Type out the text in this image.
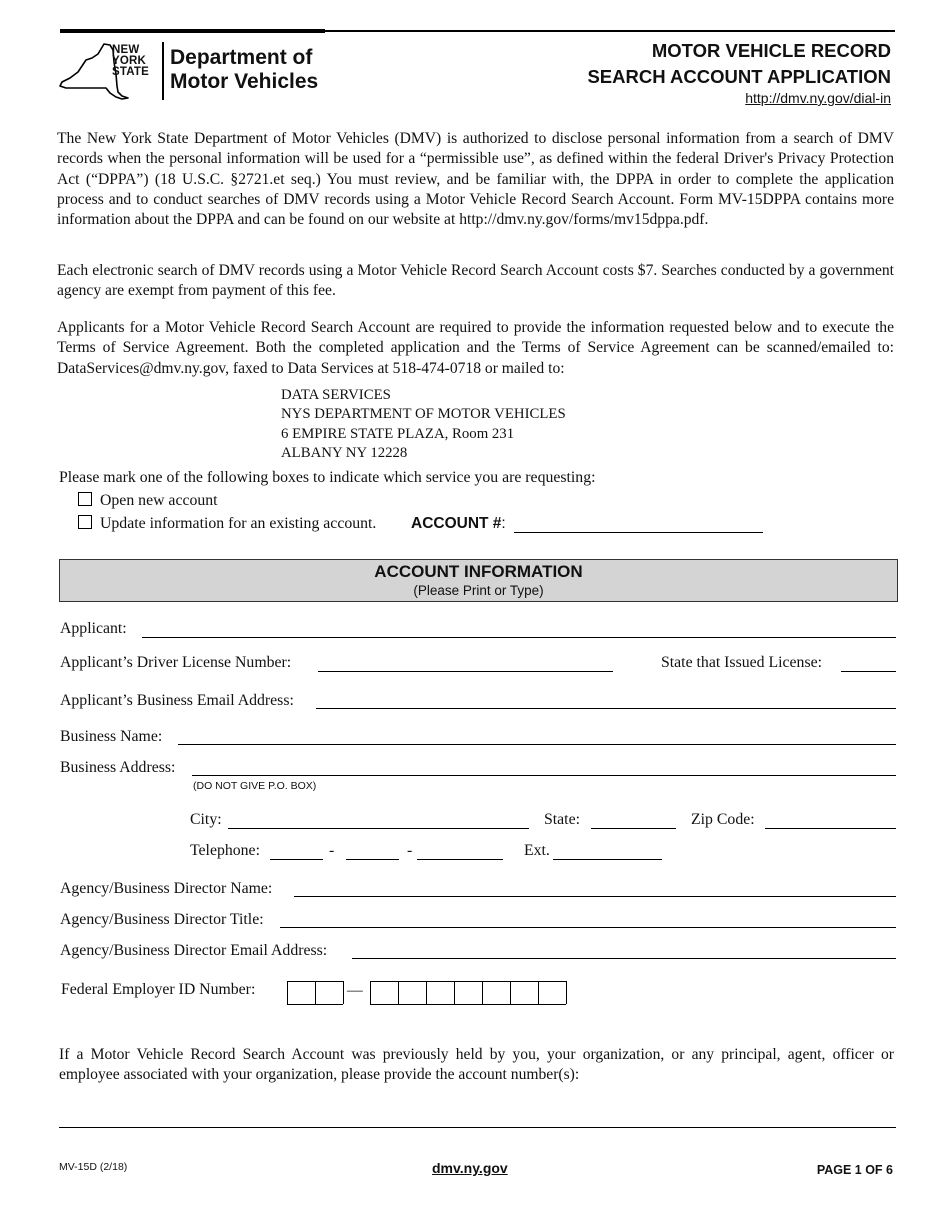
NEW
YORK
STATE
Department of
Motor Vehicles
MOTOR VEHICLE RECORD
SEARCH ACCOUNT APPLICATION
http://dmv.ny.gov/dial-in

The New York State Department of Motor Vehicles (DMV) is authorized to disclose personal information from a search of DMV records when the personal information will be used for a “permissible use”, as defined within the federal Driver's Privacy Protection Act (“DPPA”) (18 U.S.C. §2721.et seq.) You must review, and be familiar with, the DPPA in order to complete the application process and to conduct searches of DMV records using a Motor Vehicle Record Search Account. Form MV-15DPPA contains more information about the DPPA and can be found on our website at http://dmv.ny.gov/forms/mv15dppa.pdf.

Each electronic search of DMV records using a Motor Vehicle Record Search Account costs $7. Searches conducted by a government agency are exempt from payment of this fee.

Applicants for a Motor Vehicle Record Search Account are required to provide the information requested below and to execute the Terms of Service Agreement. Both the completed application and the Terms of Service Agreement can be scanned/emailed to: DataServices@dmv.ny.gov, faxed to Data Services at 518-474-0718 or mailed to:

DATA SERVICES
NYS DEPARTMENT OF MOTOR VEHICLES
6 EMPIRE STATE PLAZA, Room 231
ALBANY NY 12228
Please mark one of the following boxes to indicate which service you are requesting:
Open new account
Update information for an existing account. ACCOUNT #:
ACCOUNT INFORMATION
(Please Print or Type)
Applicant:
Applicant’s Driver License Number:	State that Issued License:
Applicant’s Business Email Address:
Business Name:
Business Address:
(DO NOT GIVE P.O. BOX)
City:	State:	Zip Code:
Telephone:	-	-	Ext.
Agency/Business Director Name:
Agency/Business Director Title:
Agency/Business Director Email Address:
Federal Employer ID Number:	—

If a Motor Vehicle Record Search Account was previously held by you, your organization, or any principal, agent, officer or employee associated with your organization, please provide the account number(s):

MV-15D (2/18)	dmv.ny.gov	PAGE 1 OF 6
